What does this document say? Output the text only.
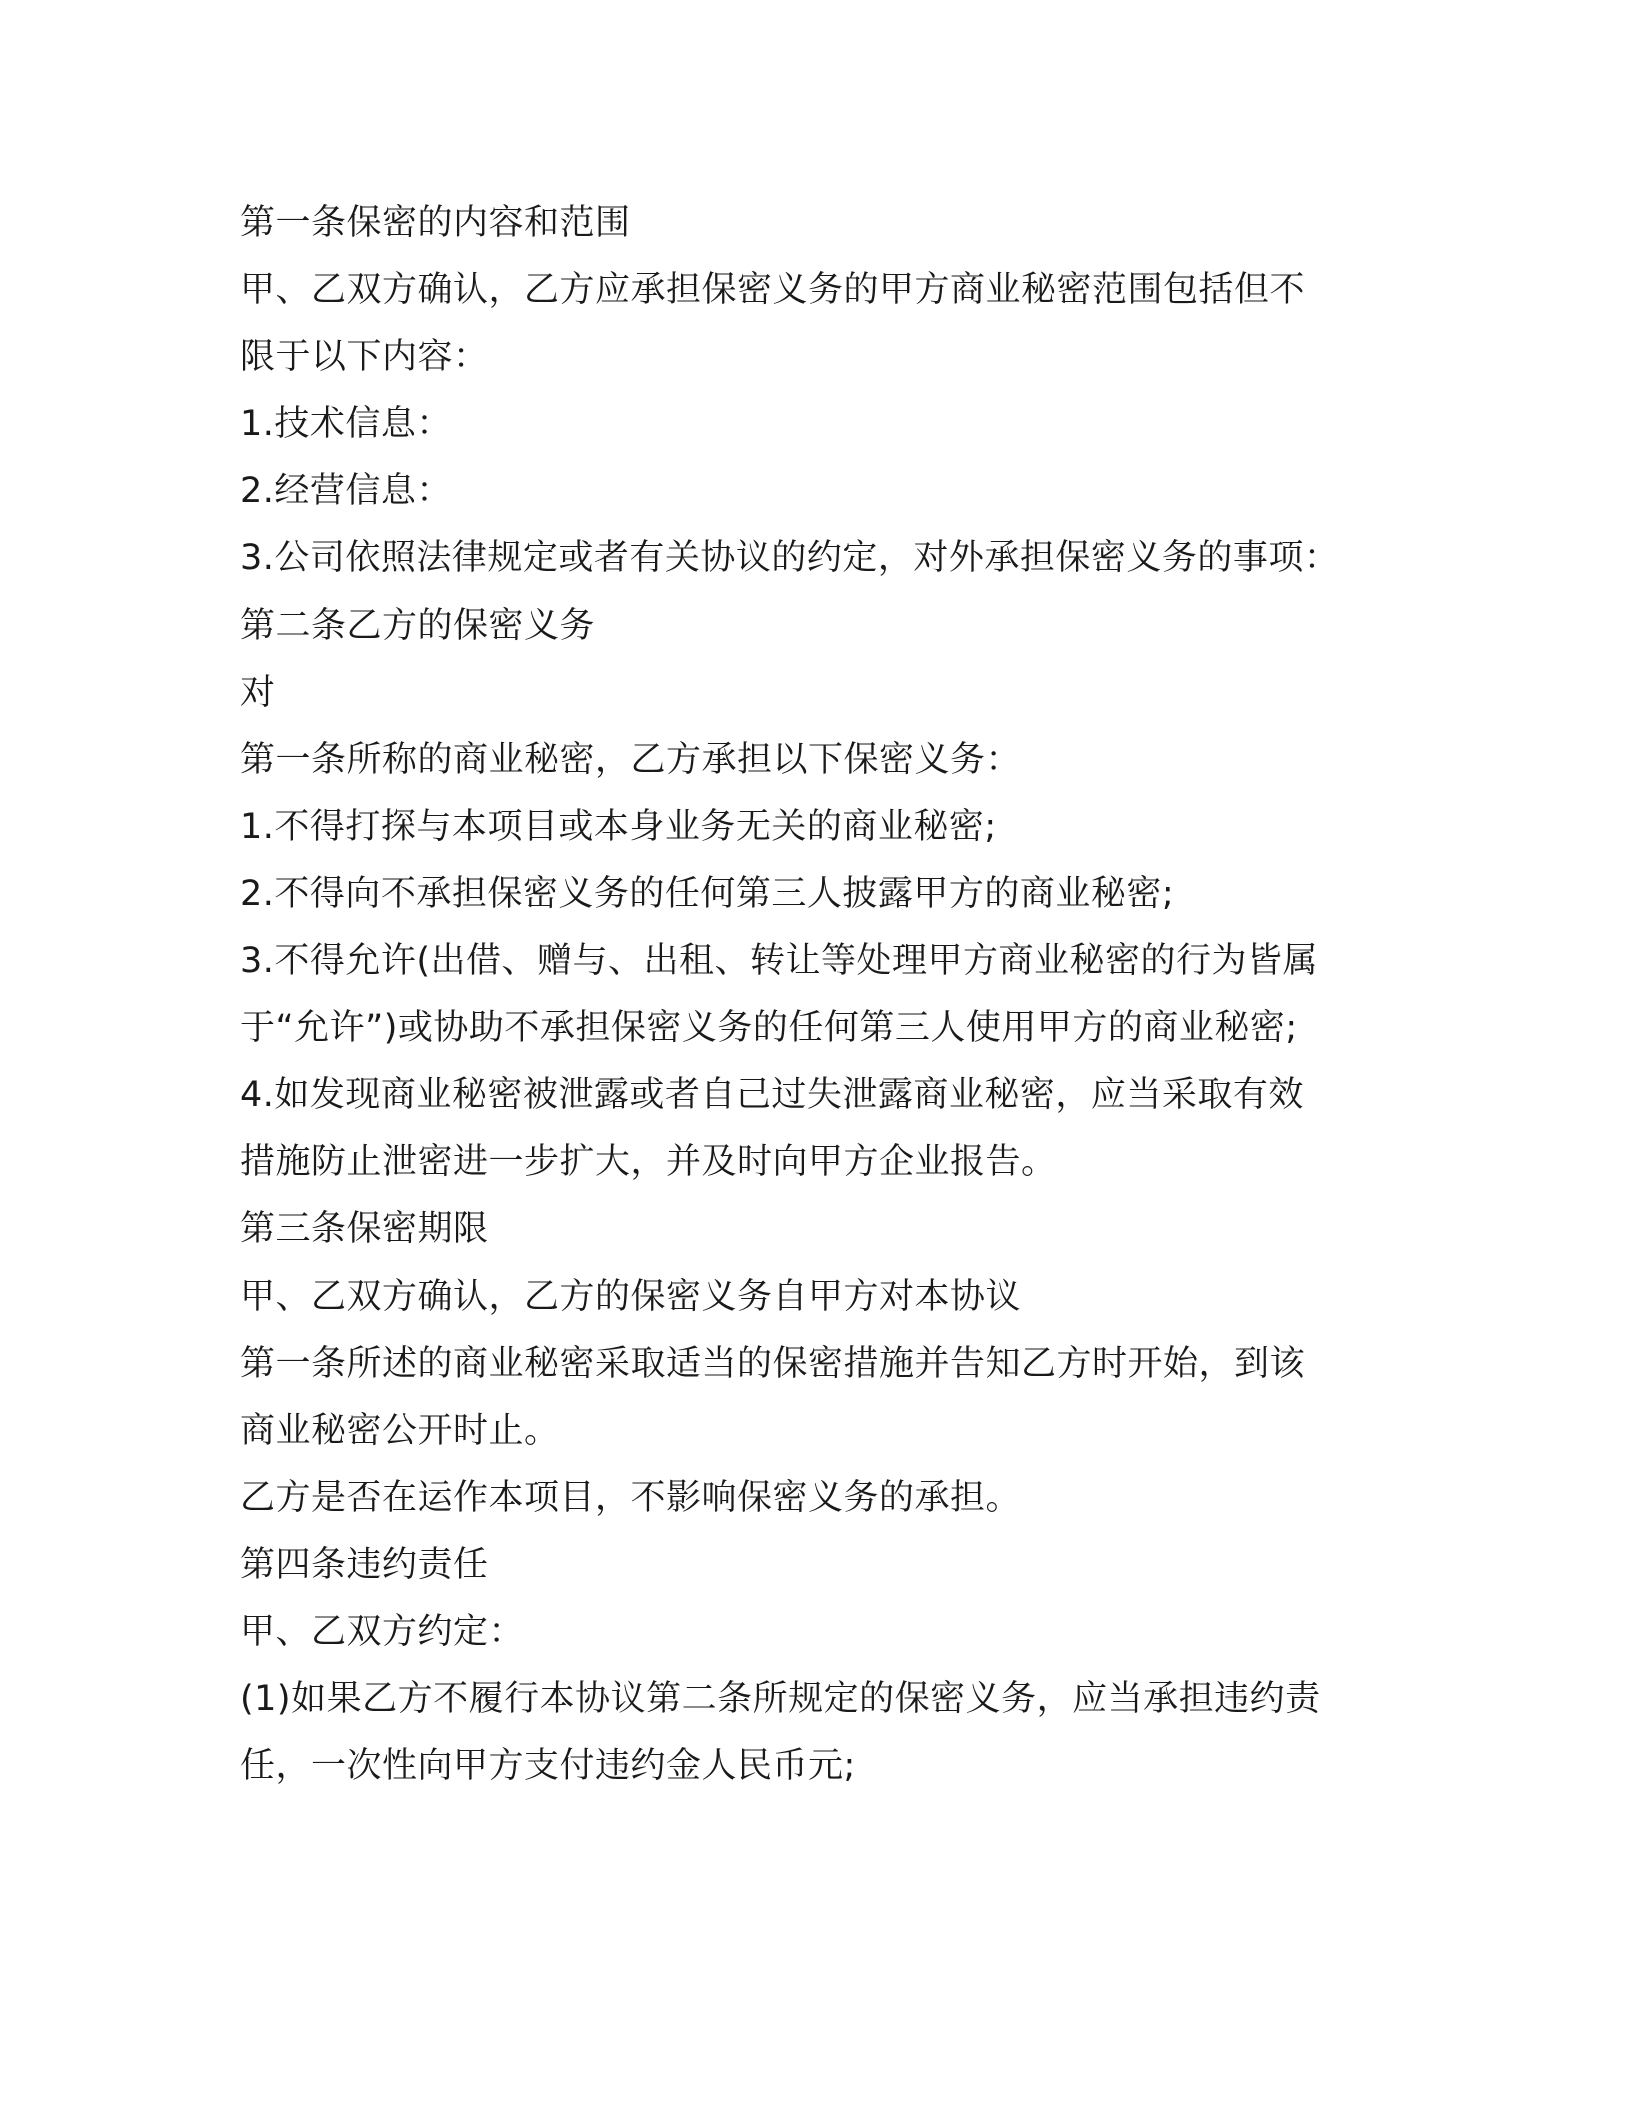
第一条保密的内容和范围
甲、乙双方确认，乙方应承担保密义务的甲方商业秘密范围包括但不
限于以下内容：
1.技术信息：
2.经营信息：
3.公司依照法律规定或者有关协议的约定，对外承担保密义务的事项：
第二条乙方的保密义务
对
第一条所称的商业秘密，乙方承担以下保密义务：
1.不得打探与本项目或本身业务无关的商业秘密;
2.不得向不承担保密义务的任何第三人披露甲方的商业秘密;
3.不得允许(出借、赠与、出租、转让等处理甲方商业秘密的行为皆属
于“允许”)或协助不承担保密义务的任何第三人使用甲方的商业秘密;
4.如发现商业秘密被泄露或者自己过失泄露商业秘密，应当采取有效
措施防止泄密进一步扩大，并及时向甲方企业报告。
第三条保密期限
甲、乙双方确认，乙方的保密义务自甲方对本协议
第一条所述的商业秘密采取适当的保密措施并告知乙方时开始，到该
商业秘密公开时止。
乙方是否在运作本项目，不影响保密义务的承担。
第四条违约责任
甲、乙双方约定：
(1)如果乙方不履行本协议第二条所规定的保密义务，应当承担违约责
任，一次性向甲方支付违约金人民币元;
